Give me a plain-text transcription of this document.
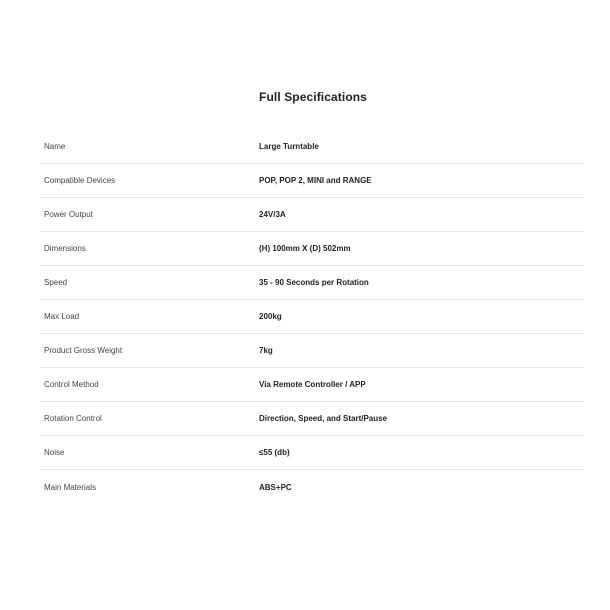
Full Specifications
Name	Large Turntable
Compatible Devices	POP, POP 2, MINI and RANGE
Power Output	24V/3A
Dimensions	(H) 100mm X (D) 502mm
Speed	35 - 90 Seconds per Rotation
Max Load	200kg
Product Gross Weight	7kg
Control Method	Via Remote Controller / APP
Rotation Control	Direction, Speed, and Start/Pause
Noise	≤55 (db)
Main Materials	ABS+PC
